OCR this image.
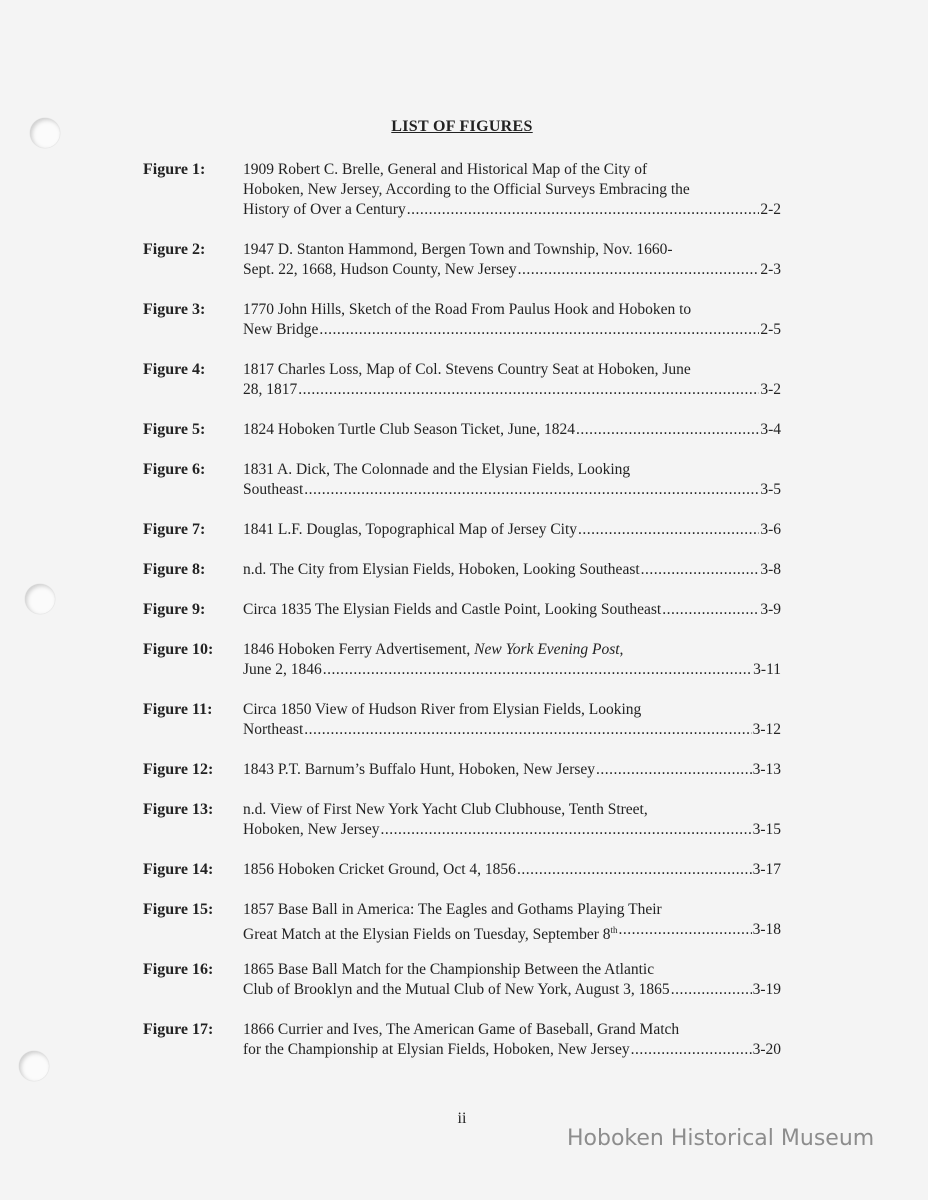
LIST OF FIGURES
Figure 1: 1909 Robert C. Brelle, General and Historical Map of the City of
Hoboken, New Jersey, According to the Official Surveys Embracing the
History of Over a Century .....	2-2
Figure 2: 1947 D. Stanton Hammond, Bergen Town and Township, Nov. 1660-
Sept. 22, 1668, Hudson County, New Jersey .....	2-3
Figure 3: 1770 John Hills, Sketch of the Road From Paulus Hook and Hoboken to
New Bridge .....	2-5
Figure 4: 1817 Charles Loss, Map of Col. Stevens Country Seat at Hoboken, June
28, 1817 .....	3-2
Figure 5: 1824 Hoboken Turtle Club Season Ticket, June, 1824 .....	3-4
Figure 6: 1831 A. Dick, The Colonnade and the Elysian Fields, Looking
Southeast .....	3-5
Figure 7: 1841 L.F. Douglas, Topographical Map of Jersey City .....	3-6
Figure 8: n.d. The City from Elysian Fields, Hoboken, Looking Southeast .....	3-8
Figure 9: Circa 1835 The Elysian Fields and Castle Point, Looking Southeast .....	3-9
Figure 10: 1846 Hoboken Ferry Advertisement, New York Evening Post,
June 2, 1846 .....	3-11
Figure 11: Circa 1850 View of Hudson River from Elysian Fields, Looking
Northeast .....	3-12
Figure 12: 1843 P.T. Barnum’s Buffalo Hunt, Hoboken, New Jersey .....	3-13
Figure 13: n.d. View of First New York Yacht Club Clubhouse, Tenth Street,
Hoboken, New Jersey .....	3-15
Figure 14: 1856 Hoboken Cricket Ground, Oct 4, 1856 .....	3-17
Figure 15: 1857 Base Ball in America: The Eagles and Gothams Playing Their
Great Match at the Elysian Fields on Tuesday, September 8th .....	3-18
Figure 16: 1865 Base Ball Match for the Championship Between the Atlantic
Club of Brooklyn and the Mutual Club of New York, August 3, 1865 .....	3-19
Figure 17: 1866 Currier and Ives, The American Game of Baseball, Grand Match
for the Championship at Elysian Fields, Hoboken, New Jersey .....	3-20
ii
Hoboken Historical Museum
